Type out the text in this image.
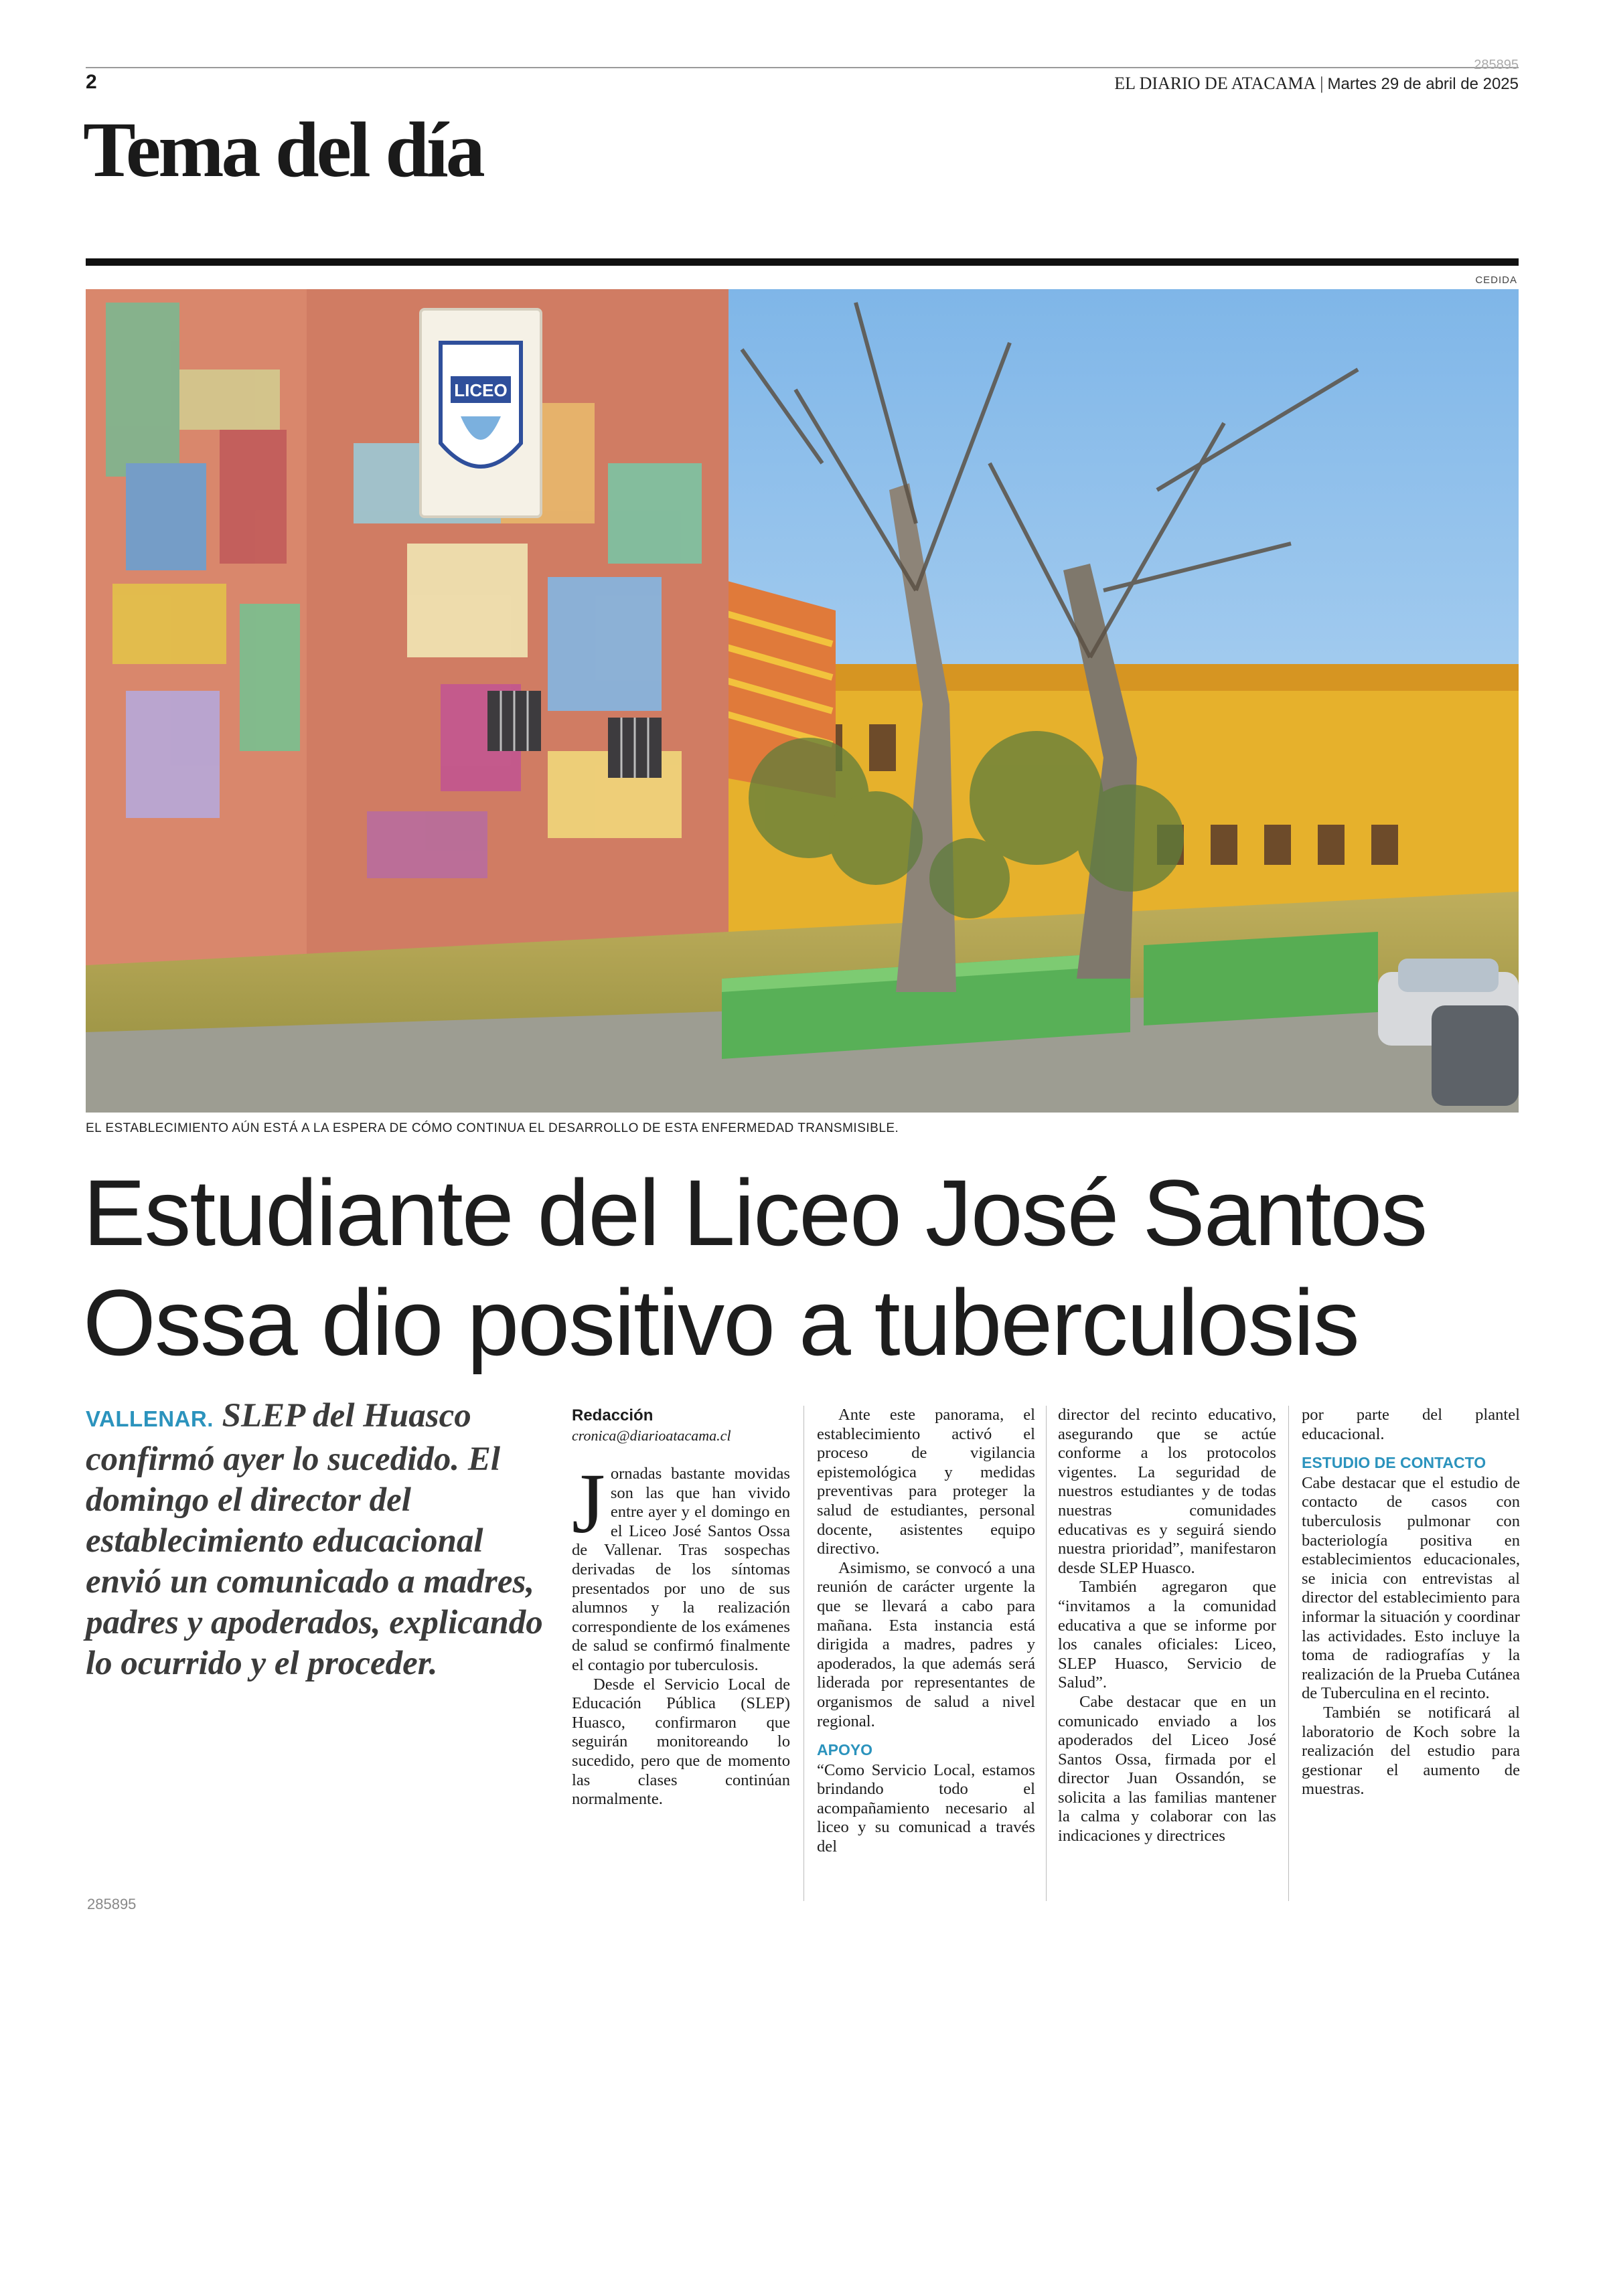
2
285895
EL DIARIO DE ATACAMA | Martes 29 de abril de 2025
Tema del día
CEDIDA
LICEO
EL ESTABLECIMIENTO AÚN ESTÁ A LA ESPERA DE CÓMO CONTINUA EL DESARROLLO DE ESTA ENFERMEDAD TRANSMISIBLE.
Estudiante del Liceo José Santos
Ossa dio positivo a tuberculosis
VALLENAR. SLEP del Huasco confirmó ayer lo sucedido. El domingo el director del establecimiento educacional envió un comunicado a madres, padres y apoderados, explicando lo ocurrido y el proceder.
285895
Redacción
cronica@diarioatacama.cl

Jornadas bastante movidas son las que han vivido entre ayer y el domingo en el Liceo José Santos Ossa de Vallenar. Tras sospechas derivadas de los síntomas presentados por uno de sus alumnos y la realización correspondiente de los exámenes de salud se confirmó finalmente el contagio por tuberculosis.

Desde el Servicio Local de Educación Pública (SLEP) Huasco, confirmaron que seguirán monitoreando lo sucedido, pero que de momento las clases continúan normalmente.

Ante este panorama, el establecimiento activó el proceso de vigilancia epistemológica y medidas preventivas para proteger la salud de estudiantes, personal docente, asistentes equipo directivo.

Asimismo, se convocó a una reunión de carácter urgente la que se llevará a cabo para mañana. Esta instancia está dirigida a madres, padres y apoderados, la que además será liderada por representantes de organismos de salud a nivel regional.

APOYO

“Como Servicio Local, estamos brindando todo el acompañamiento necesario al liceo y su comunicad a través del

director del recinto educativo, asegurando que se actúe conforme a los protocolos vigentes. La seguridad de nuestros estudiantes y de todas nuestras comunidades educativas es y seguirá siendo nuestra prioridad”, manifestaron desde SLEP Huasco.

También agregaron que “invitamos a la comunidad educativa a que se informe por los canales oficiales: Liceo, SLEP Huasco, Servicio de Salud”.

Cabe destacar que en un comunicado enviado a los apoderados del Liceo José Santos Ossa, firmada por el director Juan Ossandón, se solicita a las familias mantener la calma y colaborar con las indicaciones y directrices

por parte del plantel educacional.

ESTUDIO DE CONTACTO

Cabe destacar que el estudio de contacto de casos con tuberculosis pulmonar con bacteriología positiva en establecimientos educacionales, se inicia con entrevistas al director del establecimiento para informar la situación y coordinar las actividades. Esto incluye la toma de radiografías y la realización de la Prueba Cutánea de Tuberculina en el recinto.

También se notificará al laboratorio de Koch sobre la realización del estudio para gestionar el aumento de muestras.
